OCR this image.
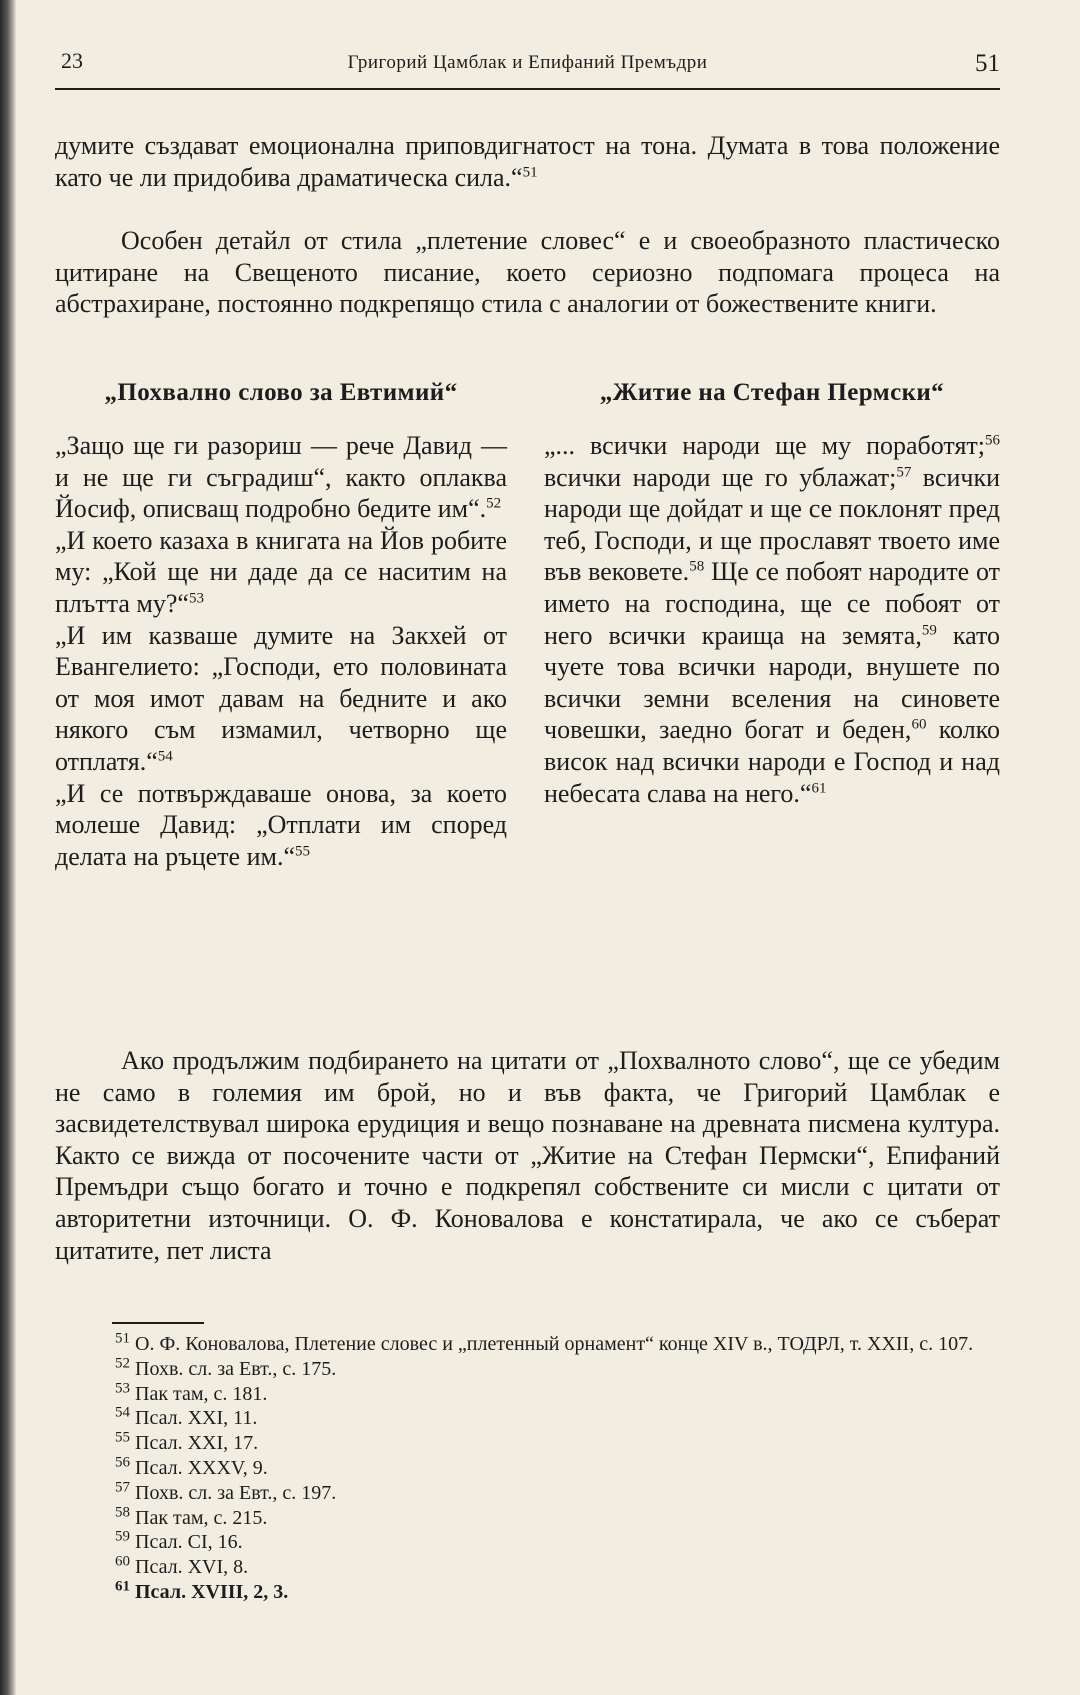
23	Григорий Цамблак и Епифаний Премъдри	51

думите създават емоционална приповдигнатост на тона. Думата в това положение като че ли придобива драматическа сила.“$^{51}$

Особен детайл от стила „плетение словес“ е и своеобразното пластическо цитиране на Свещеното писание, което сериозно подпомага процеса на абстрахиране, постоянно подкрепящо стила с аналогии от божествените книги.

„Похвално слово за Евтимий“

„Защо ще ги разориш — рече Давид — и не ще ги съградиш“, както оплаква Йосиф, описващ подробно бедите им“.$^{52}$

„И което казаха в книгата на Йов робите му: „Кой ще ни даде да се наситим на плътта му?“$^{53}$

„И им казваше думите на Закхей от Евангелието: „Господи, ето половината от моя имот давам на бедните и ако някого съм измамил, четворно ще отплатя.“$^{54}$

„И се потвърждаваше онова, за което молеше Давид: „Отплати им според делата на ръцете им.“$^{55}$

„Житие на Стефан Пермски“

„... всички народи ще му поработят;$^{56}$ всички народи ще го ублажат;$^{57}$ всички народи ще дойдат и ще се поклонят пред теб, Господи, и ще прославят твоето име във вековете.$^{58}$ Ще се побоят народите от името на господина, ще се побоят от него всички краища на земята,$^{59}$ като чуете това всички народи, внушете по всички земни вселения на синовете човешки, заедно богат и беден,$^{60}$ колко висок над всички народи е Господ и над небесата слава на него.“$^{61}$

Ако продължим подбирането на цитати от „Похвалното слово“, ще се убедим не само в големия им брой, но и във факта, че Григорий Цамблак е засвидетелствувал широка ерудиция и вещо познаване на древната писмена култура. Както се вижда от посочените части от „Житие на Стефан Пермски“, Епифаний Премъдри също богато и точно е подкрепял собствените си мисли с цитати от авторитетни източници. О. Ф. Коновалова е констатирала, че ако се съберат цитатите, пет листа

$^{51}$ О. Ф. Коновалова, Плетение словес и „плетенный орнамент“ конце XIV в., ТОДРЛ, т. XXII, с. 107.

$^{52}$ Похв. сл. за Евт., с. 175.

$^{53}$ Пак там, с. 181.

$^{54}$ Псал. XXI, 11.

$^{55}$ Псал. XXI, 17.

$^{56}$ Псал. XXXV, 9.

$^{57}$ Похв. сл. за Евт., с. 197.

$^{58}$ Пак там, с. 215.

$^{59}$ Псал. CI, 16.

$^{60}$ Псал. XVI, 8.

$^{61}$ Псал. XVIII, 2, 3.
